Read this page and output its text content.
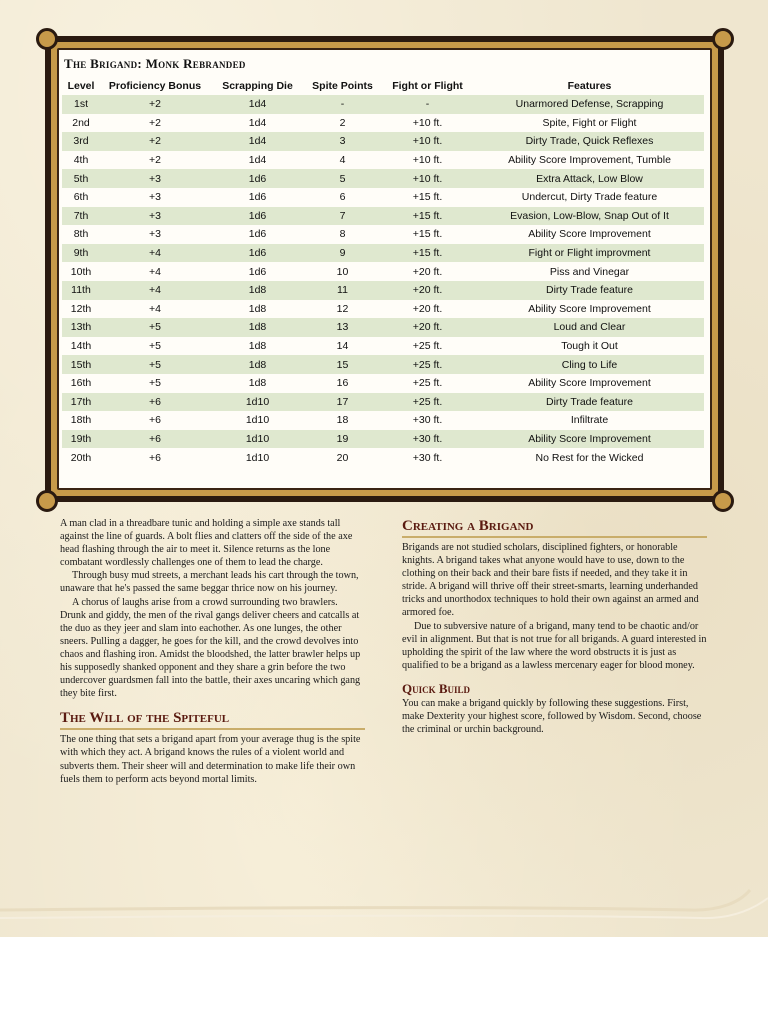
The Brigand: Monk Rebranded
Level	Proficiency Bonus	Scrapping Die	Spite Points	Fight or Flight	Features
1st	+2	1d4	-	-	Unarmored Defense, Scrapping
2nd	+2	1d4	2	+10 ft.	Spite, Fight or Flight
3rd	+2	1d4	3	+10 ft.	Dirty Trade, Quick Reflexes
4th	+2	1d4	4	+10 ft.	Ability Score Improvement, Tumble
5th	+3	1d6	5	+10 ft.	Extra Attack, Low Blow
6th	+3	1d6	6	+15 ft.	Undercut, Dirty Trade feature
7th	+3	1d6	7	+15 ft.	Evasion, Low-Blow, Snap Out of It
8th	+3	1d6	8	+15 ft.	Ability Score Improvement
9th	+4	1d6	9	+15 ft.	Fight or Flight improvment
10th	+4	1d6	10	+20 ft.	Piss and Vinegar
11th	+4	1d8	11	+20 ft.	Dirty Trade feature
12th	+4	1d8	12	+20 ft.	Ability Score Improvement
13th	+5	1d8	13	+20 ft.	Loud and Clear
14th	+5	1d8	14	+25 ft.	Tough it Out
15th	+5	1d8	15	+25 ft.	Cling to Life
16th	+5	1d8	16	+25 ft.	Ability Score Improvement
17th	+6	1d10	17	+25 ft.	Dirty Trade feature
18th	+6	1d10	18	+30 ft.	Infiltrate
19th	+6	1d10	19	+30 ft.	Ability Score Improvement
20th	+6	1d10	20	+30 ft.	No Rest for the Wicked

A man clad in a threadbare tunic and holding a simple axe stands tall against the line of guards. A bolt flies and clatters off the side of the axe head flashing through the air to meet it. Silence returns as the lone combatant wordlessly challenges one of them to lead the charge.

Through busy mud streets, a merchant leads his cart through the town, unaware that he's passed the same beggar thrice now on his journey.

A chorus of laughs arise from a crowd surrounding two brawlers. Drunk and giddy, the men of the rival gangs deliver cheers and catcalls at the duo as they jeer and slam into eachother. As one lunges, the other sneers. Pulling a dagger, he goes for the kill, and the crowd devolves into chaos and flashing iron. Amidst the bloodshed, the latter brawler helps up his supposedly shanked opponent and they share a grin before the two undercover guardsmen fall into the battle, their axes uncaring which gang they bite first.

The Will of the Spiteful

The one thing that sets a brigand apart from your average thug is the spite with which they act. A brigand knows the rules of a violent world and subverts them. Their sheer will and determination to make life their own fuels them to perform acts beyond mortal limits.

Creating a Brigand

Brigands are not studied scholars, disciplined fighters, or honorable knights. A brigand takes what anyone would have to use, down to the clothing on their back and their bare fists if needed, and they take it in stride. A brigand will thrive off their street-smarts, learning underhanded tricks and unorthodox techniques to hold their own against an armed and armored foe.

Due to subversive nature of a brigand, many tend to be chaotic and/or evil in alignment. But that is not true for all brigands. A guard interested in upholding the spirit of the law where the word obstructs it is just as qualified to be a brigand as a lawless mercenary eager for blood money.

Quick Build

You can make a brigand quickly by following these suggestions. First, make Dexterity your highest score, followed by Wisdom. Second, choose the criminal or urchin background.
